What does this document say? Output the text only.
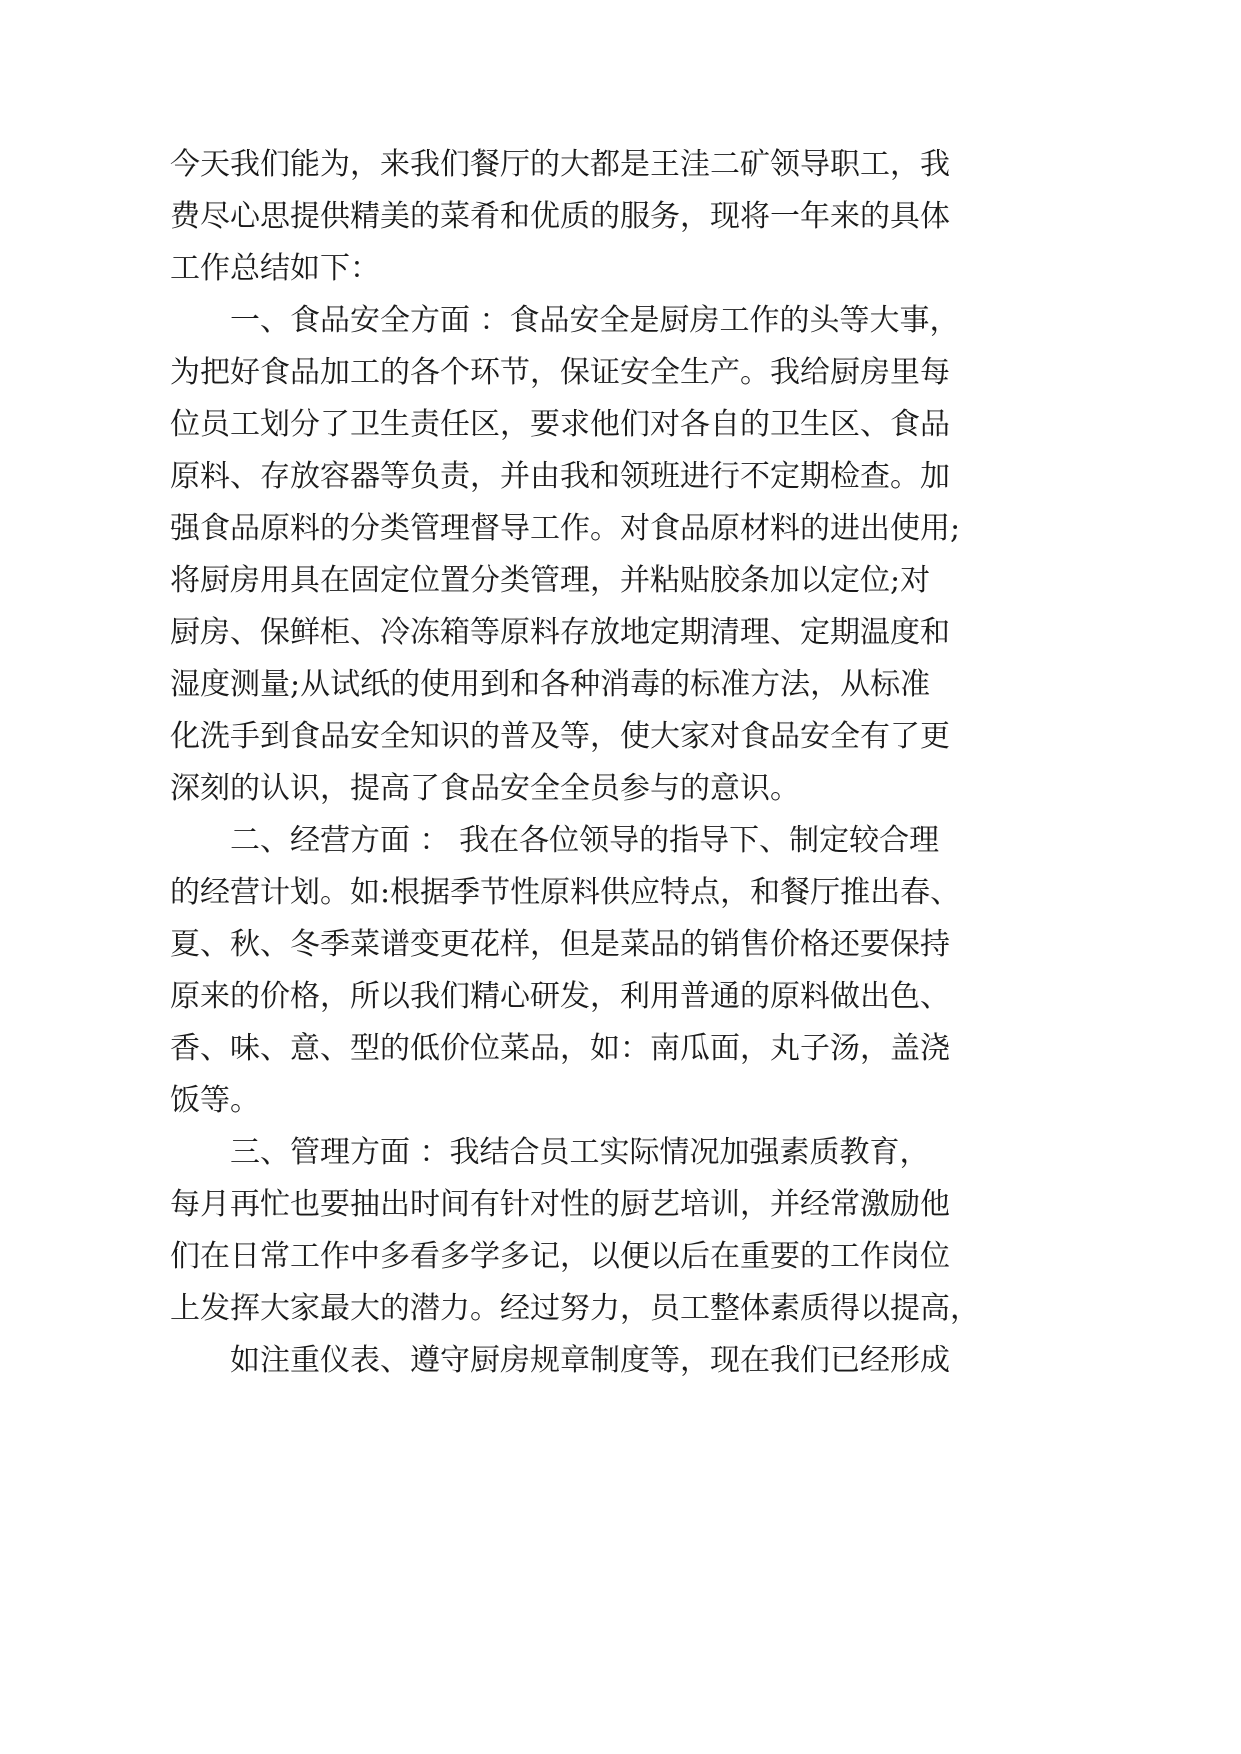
今天我们能为，来我们餐厅的大都是王洼二矿领导职工，我
费尽心思提供精美的菜肴和优质的服务，现将一年来的具体
工作总结如下：
一、食品安全方面 ：食品安全是厨房工作的头等大事，
为把好食品加工的各个环节，保证安全生产。我给厨房里每
位员工划分了卫生责任区，要求他们对各自的卫生区、食品
原料、存放容器等负责，并由我和领班进行不定期检查。加
强食品原料的分类管理督导工作。对食品原材料的进出使用;
将厨房用具在固定位置分类管理，并粘贴胶条加以定位;对
厨房、保鲜柜、冷冻箱等原料存放地定期清理、定期温度和
湿度测量;从试纸的使用到和各种消毒的标准方法，从标准
化洗手到食品安全知识的普及等，使大家对食品安全有了更
深刻的认识，提高了食品安全全员参与的意识。
二、经营方面 ： 我在各位领导的指导下、制定较合理
的经营计划。如:根据季节性原料供应特点，和餐厅推出春、
夏、秋、冬季菜谱变更花样，但是菜品的销售价格还要保持
原来的价格，所以我们精心研发，利用普通的原料做出色、
香、味、意、型的低价位菜品，如：南瓜面，丸子汤，盖浇
饭等。
三、管理方面 ：我结合员工实际情况加强素质教育，
每月再忙也要抽出时间有针对性的厨艺培训，并经常激励他
们在日常工作中多看多学多记，以便以后在重要的工作岗位
上发挥大家最大的潜力。经过努力，员工整体素质得以提高，
如注重仪表、遵守厨房规章制度等，现在我们已经形成
